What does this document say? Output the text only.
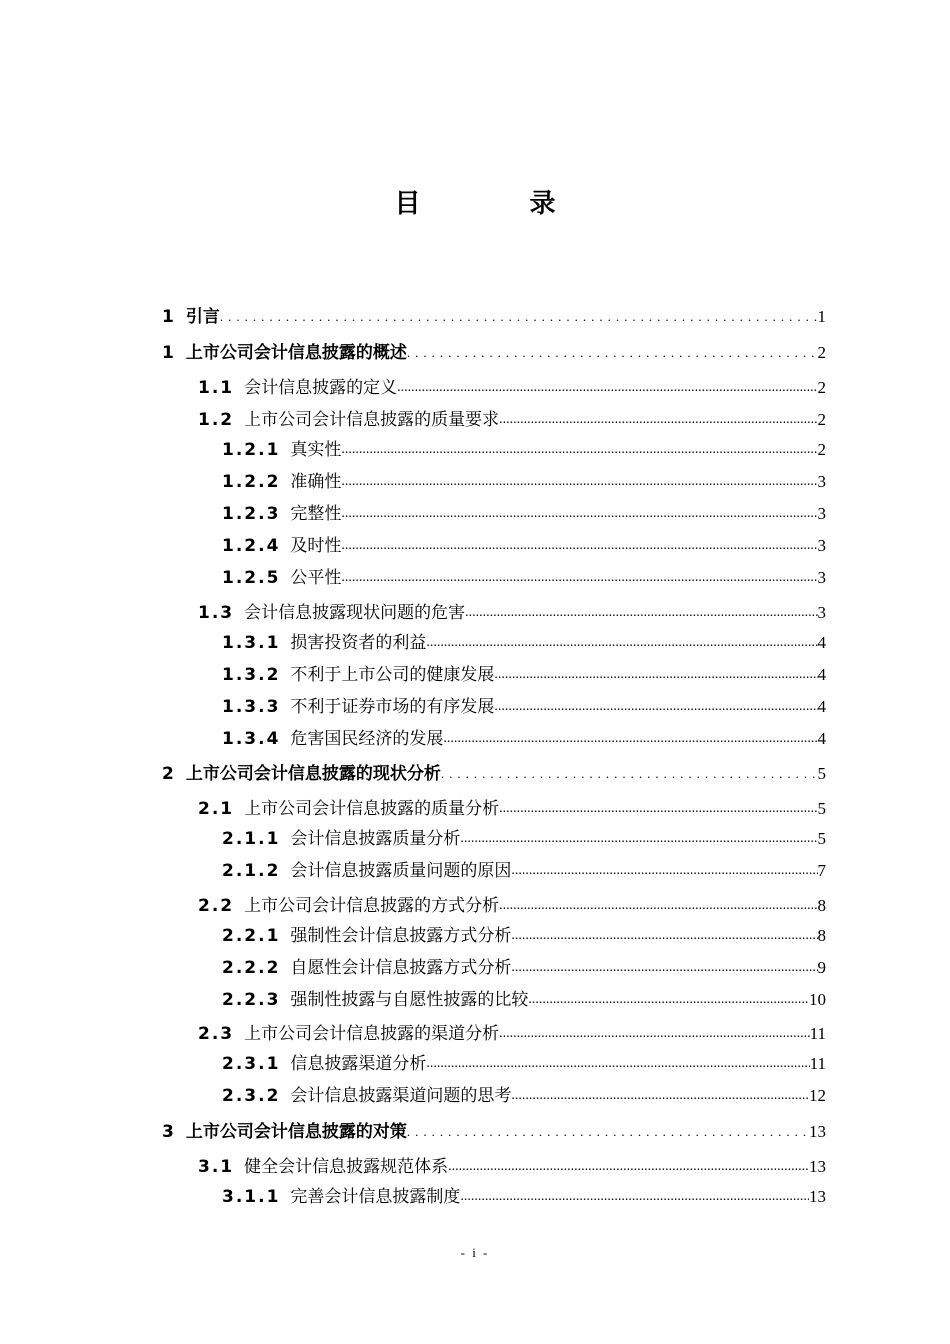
目 录
1 引言 .....	1
1 上市公司会计信息披露的概述 .....	2
1.1 会计信息披露的定义 .....	2
1.2 上市公司会计信息披露的质量要求 .....	2
1.2.1 真实性 .....	2
1.2.2 准确性 .....	3
1.2.3 完整性 .....	3
1.2.4 及时性 .....	3
1.2.5 公平性 .....	3
1.3 会计信息披露现状问题的危害 .....	3
1.3.1 损害投资者的利益 .....	4
1.3.2 不利于上市公司的健康发展 .....	4
1.3.3 不利于证券市场的有序发展 .....	4
1.3.4 危害国民经济的发展 .....	4
2 上市公司会计信息披露的现状分析 .....	5
2.1 上市公司会计信息披露的质量分析 .....	5
2.1.1 会计信息披露质量分析 .....	5
2.1.2 会计信息披露质量问题的原因 .....	7
2.2 上市公司会计信息披露的方式分析 .....	8
2.2.1 强制性会计信息披露方式分析 .....	8
2.2.2 自愿性会计信息披露方式分析 .....	9
2.2.3 强制性披露与自愿性披露的比较 .....	10
2.3 上市公司会计信息披露的渠道分析 .....	11
2.3.1 信息披露渠道分析 .....	11
2.3.2 会计信息披露渠道问题的思考 .....	12
3 上市公司会计信息披露的对策 .....	13
3.1 健全会计信息披露规范体系 .....	13
3.1.1 完善会计信息披露制度 .....	13
- i -
